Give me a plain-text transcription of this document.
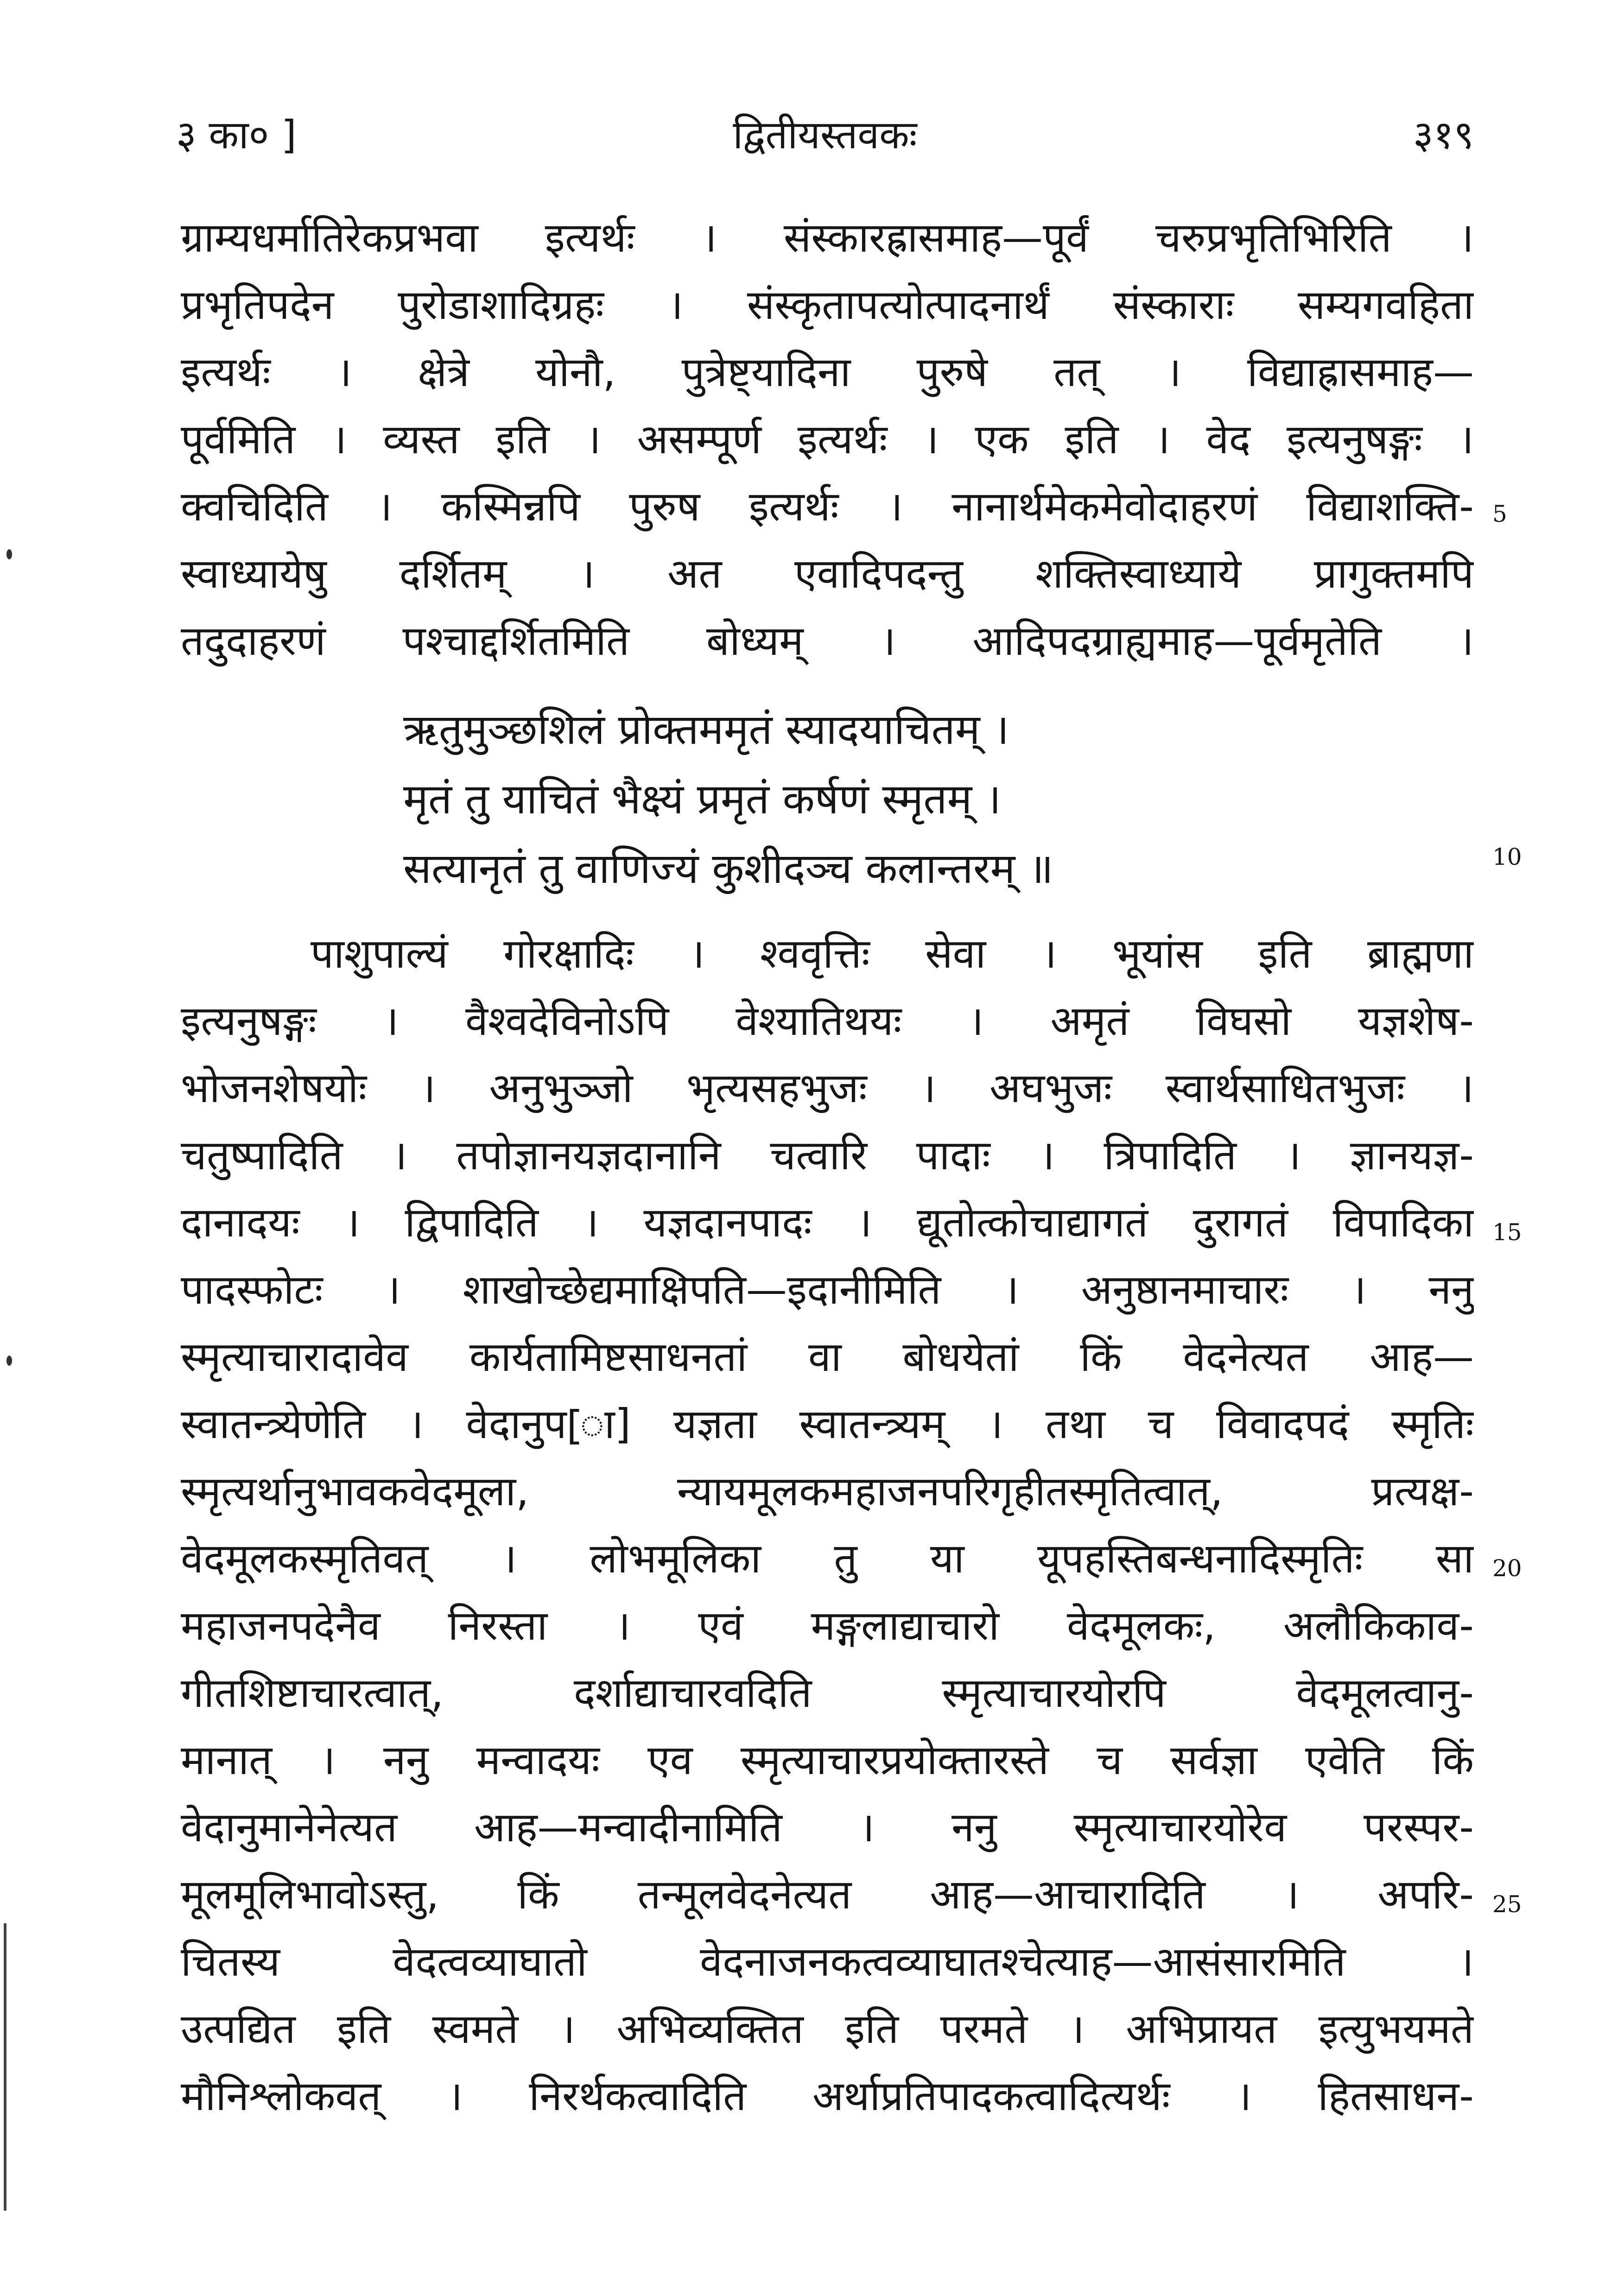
३ का० ]	द्वितीयस्तवकः	३१९
ग्राम्यधर्मातिरेकप्रभवा इत्यर्थः । संस्कारह्रासमाह—पूर्वं चरुप्रभृतिभिरिति ।
प्रभृतिपदेन पुरोडाशादिग्रहः । संस्कृतापत्योत्पादनार्थं संस्काराः सम्यगवहिता
इत्यर्थः । क्षेत्रे योनौ, पुत्रेष्ट्यादिना पुरुषे तत् । विद्याह्रासमाह—
पूर्वमिति । व्यस्त इति । असम्पूर्ण इत्यर्थः । एक इति । वेद इत्यनुषङ्गः ।
क्वचिदिति । कस्मिन्नपि पुरुष इत्यर्थः । नानार्थमेकमेवोदाहरणं विद्याशक्ति-
स्वाध्यायेषु दर्शितम् । अत एवादिपदन्तु शक्तिस्वाध्याये प्रागुक्तमपि
तदुदाहरणं पश्चाद्दर्शितमिति बोध्यम् । आदिपदग्राह्यमाह—पूर्वमृतेति ।
ऋतुमुञ्छशिलं प्रोक्तममृतं स्यादयाचितम् ।
मृतं तु याचितं भैक्ष्यं प्रमृतं कर्षणं स्मृतम् ।
सत्यानृतं तु वाणिज्यं कुशीदञ्च कलान्तरम् ॥
पाशुपाल्यं गोरक्षादिः । श्ववृत्तिः सेवा । भूयांस इति ब्राह्मणा
इत्यनुषङ्गः । वैश्वदेविनोऽपि वेश्यातिथयः । अमृतं विघसो यज्ञशेष-
भोजनशेषयोः । अनुभुञ्जो भृत्यसहभुजः । अघभुजः स्वार्थसाधितभुजः ।
चतुष्पादिति । तपोज्ञानयज्ञदानानि चत्वारि पादाः । त्रिपादिति । ज्ञानयज्ञ-
दानादयः । द्विपादिति । यज्ञदानपादः । द्यूतोत्कोचाद्यागतं दुरागतं विपादिका
पादस्फोटः । शाखोच्छेद्यमाक्षिपति—इदानीमिति । अनुष्ठानमाचारः । ननु
स्मृत्याचारादावेव कार्यतामिष्टसाधनतां वा बोधयेतां किं वेदनेत्यत आह—
स्वातन्त्र्येणेति । वेदानुप[ा] यज्ञता स्वातन्त्र्यम् । तथा च विवादपदं स्मृतिः
स्मृत्यर्थानुभावकवेदमूला, न्यायमूलकमहाजनपरिगृहीतस्मृतित्वात्, प्रत्यक्ष-
वेदमूलकस्मृतिवत् । लोभमूलिका तु या यूपहस्तिबन्धनादिस्मृतिः सा
महाजनपदेनैव निरस्ता । एवं मङ्गलाद्याचारो वेदमूलकः, अलौकिकाव-
गीतशिष्टाचारत्वात्, दर्शाद्याचारवदिति स्मृत्याचारयोरपि वेदमूलत्वानु-
मानात् । ननु मन्वादयः एव स्मृत्याचारप्रयोक्तारस्ते च सर्वज्ञा एवेति किं
वेदानुमानेनेत्यत आह—मन्वादीनामिति । ननु स्मृत्याचारयोरेव परस्पर-
मूलमूलिभावोऽस्तु, किं तन्मूलवेदनेत्यत आह—आचारादिति । अपरि-
चितस्य वेदत्वव्याघातो वेदनाजनकत्वव्याघातश्चेत्याह—आसंसारमिति ।
उत्पद्यित इति स्वमते । अभिव्यक्तित इति परमते । अभिप्रायत इत्युभयमते
मौनिश्लोकवत् । निरर्थकत्वादिति अर्थाप्रतिपादकत्वादित्यर्थः । हितसाधन-
5
10
15
20
25
